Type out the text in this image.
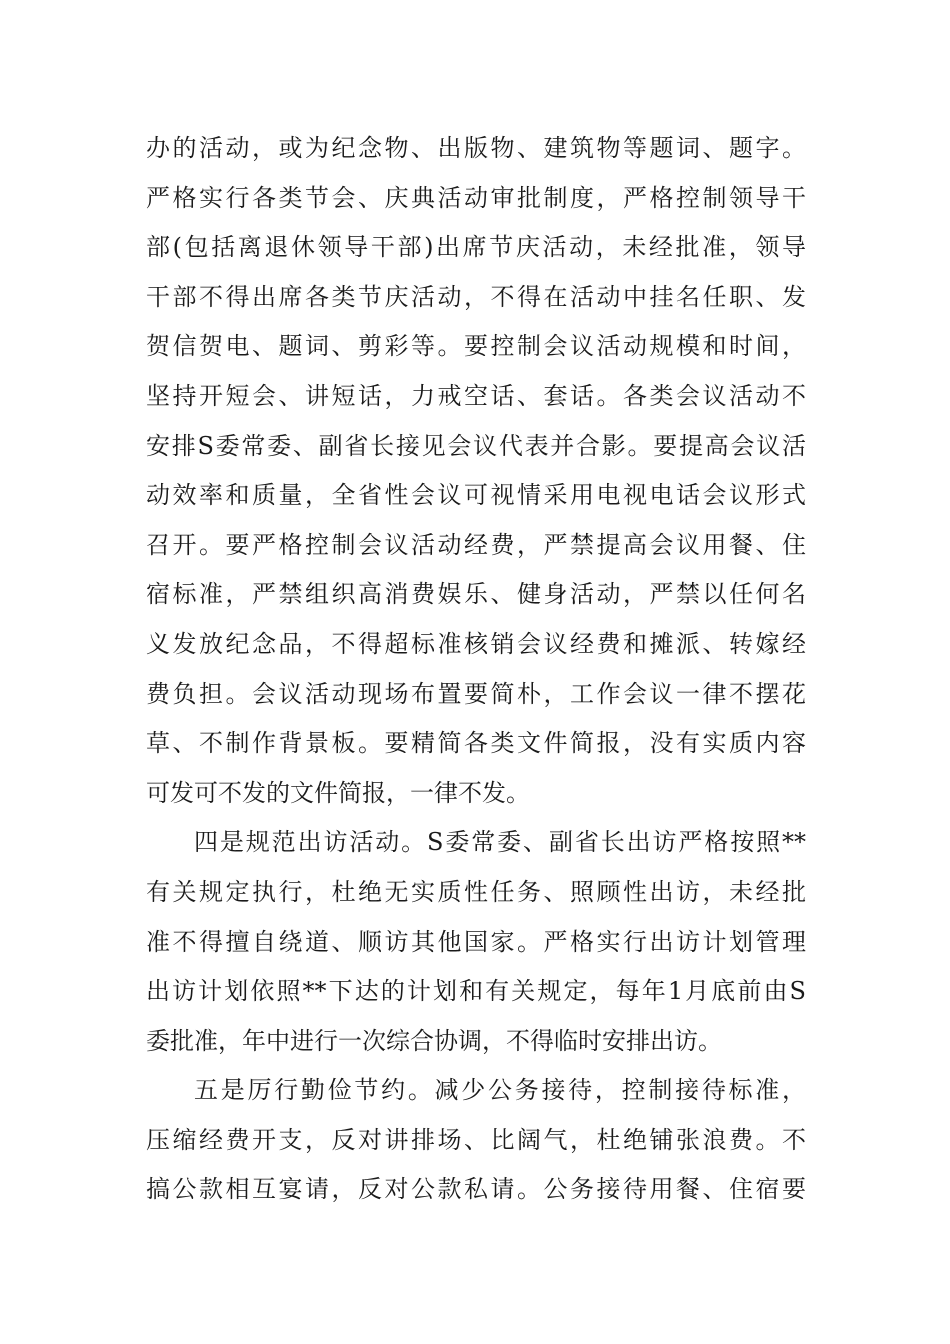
办的活动，或为纪念物、出版物、建筑物等题词、题字。
严格实行各类节会、庆典活动审批制度，严格控制领导干
部(包括离退休领导干部)出席节庆活动，未经批准，领导
干部不得出席各类节庆活动，不得在活动中挂名任职、发
贺信贺电、题词、剪彩等。要控制会议活动规模和时间，
坚持开短会、讲短话，力戒空话、套话。各类会议活动不
安排S委常委、副省长接见会议代表并合影。要提高会议活
动效率和质量，全省性会议可视情采用电视电话会议形式
召开。要严格控制会议活动经费，严禁提高会议用餐、住
宿标准，严禁组织高消费娱乐、健身活动，严禁以任何名
义发放纪念品，不得超标准核销会议经费和摊派、转嫁经
费负担。会议活动现场布置要简朴，工作会议一律不摆花
草、不制作背景板。要精简各类文件简报，没有实质内容
可发可不发的文件简报，一律不发。
四是规范出访活动。S委常委、副省长出访严格按照**
有关规定执行，杜绝无实质性任务、照顾性出访，未经批
准不得擅自绕道、顺访其他国家。严格实行出访计划管理
出访计划依照**下达的计划和有关规定，每年1月底前由S
委批准，年中进行一次综合协调，不得临时安排出访。
五是厉行勤俭节约。减少公务接待，控制接待标准，
压缩经费开支，反对讲排场、比阔气，杜绝铺张浪费。不
搞公款相互宴请，反对公款私请。公务接待用餐、住宿要
